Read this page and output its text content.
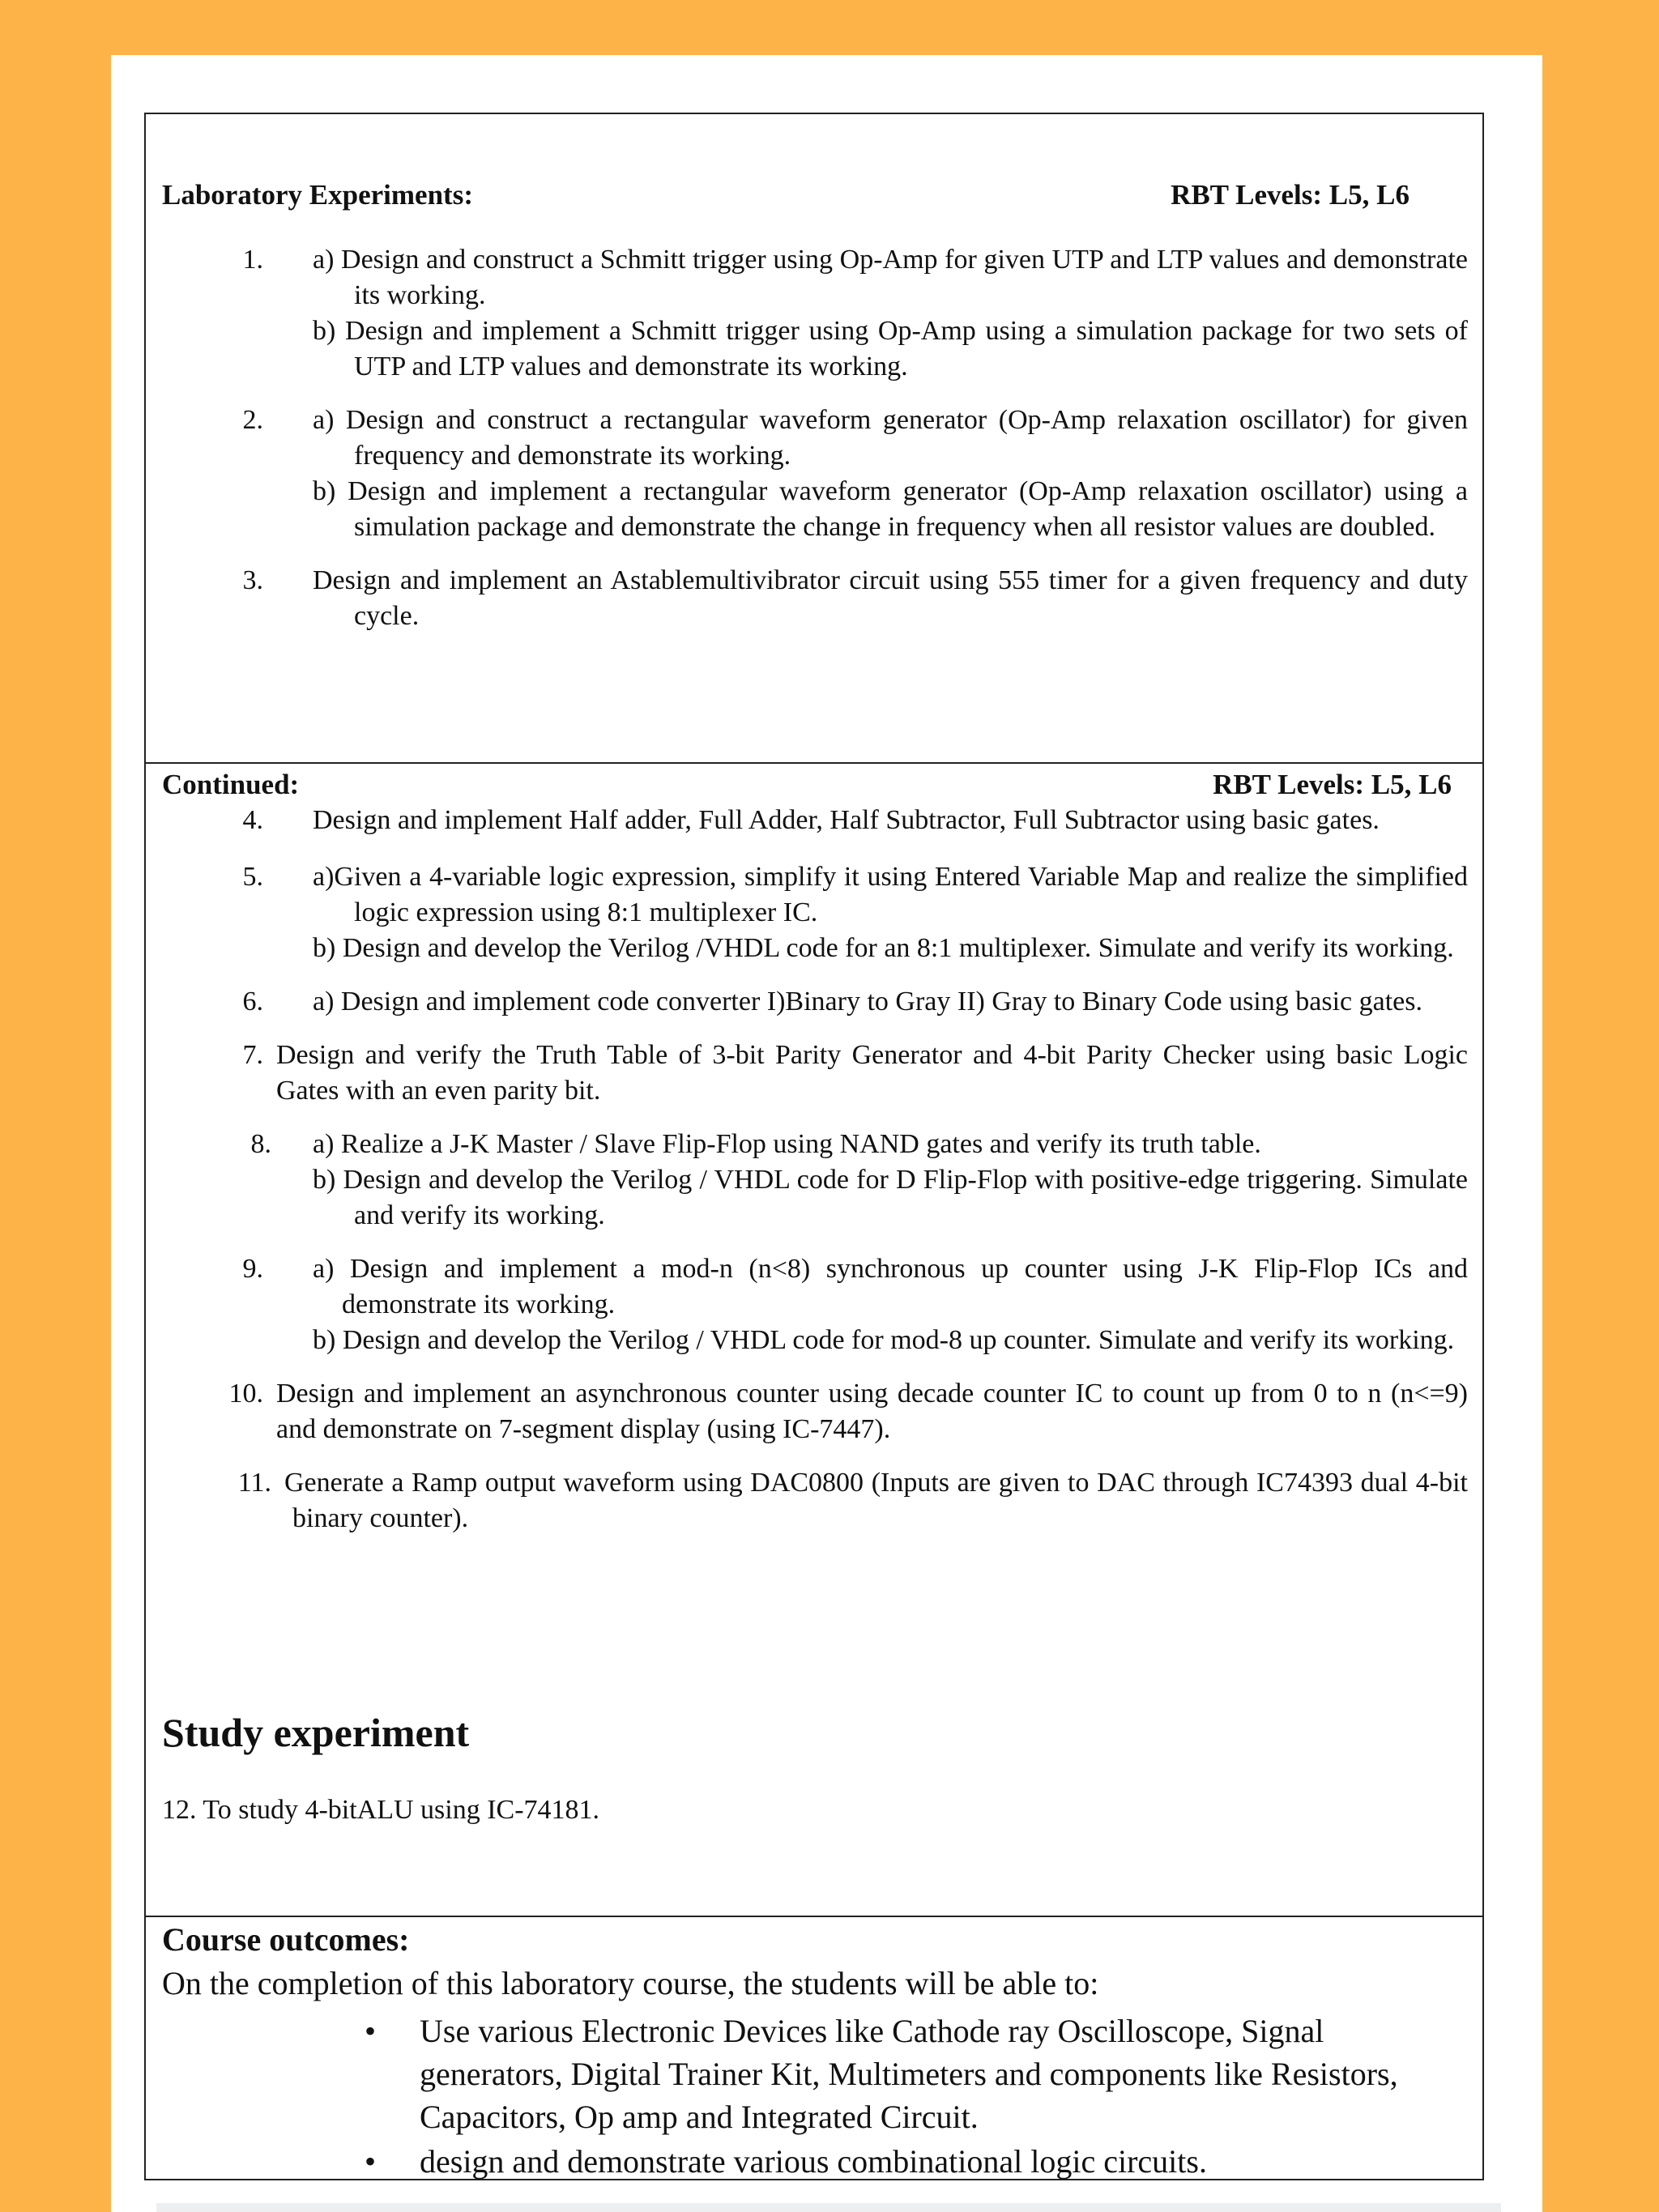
Laboratory Experiments:	RBT Levels: L5, L6
1. a) Design and construct a Schmitt trigger using Op-Amp for given UTP and LTP values and demonstrate its working.
b) Design and implement a Schmitt trigger using Op-Amp using a simulation package for two sets of UTP and LTP values and demonstrate its working.
2. a) Design and construct a rectangular waveform generator (Op-Amp relaxation oscillator) for given frequency and demonstrate its working.
b) Design and implement a rectangular waveform generator (Op-Amp relaxation oscillator) using a simulation package and demonstrate the change in frequency when all resistor values are doubled.
3. Design and implement an Astablemultivibrator circuit using 555 timer for a given frequency and duty cycle.
Continued:	RBT Levels: L5, L6
4. Design and implement Half adder, Full Adder, Half Subtractor, Full Subtractor using basic gates.
5. a)Given a 4-variable logic expression, simplify it using Entered Variable Map and realize the simplified logic expression using 8:1 multiplexer IC.
b) Design and develop the Verilog /VHDL code for an 8:1 multiplexer. Simulate and verify its working.
6. a) Design and implement code converter I)Binary to Gray II) Gray to Binary Code using basic gates.
7. Design and verify the Truth Table of 3-bit Parity Generator and 4-bit Parity Checker using basic Logic Gates with an even parity bit.
8. a) Realize a J-K Master / Slave Flip-Flop using NAND gates and verify its truth table.
b) Design and develop the Verilog / VHDL code for D Flip-Flop with positive-edge triggering. Simulate and verify its working.
9. a) Design and implement a mod-n (n<8) synchronous up counter using J-K Flip-Flop ICs and demonstrate its working.
b) Design and develop the Verilog / VHDL code for mod-8 up counter. Simulate and verify its working.
10. Design and implement an asynchronous counter using decade counter IC to count up from 0 to n (n<=9) and demonstrate on 7-segment display (using IC-7447).
11. Generate a Ramp output waveform using DAC0800 (Inputs are given to DAC through IC74393 dual 4-bit binary counter).
Study experiment
12. To study 4-bitALU using IC-74181.
Course outcomes:
On the completion of this laboratory course, the students will be able to:
• Use various Electronic Devices like Cathode ray Oscilloscope, Signal generators, Digital Trainer Kit, Multimeters and components like Resistors, Capacitors, Op amp and Integrated Circuit.
• design and demonstrate various combinational logic circuits.
